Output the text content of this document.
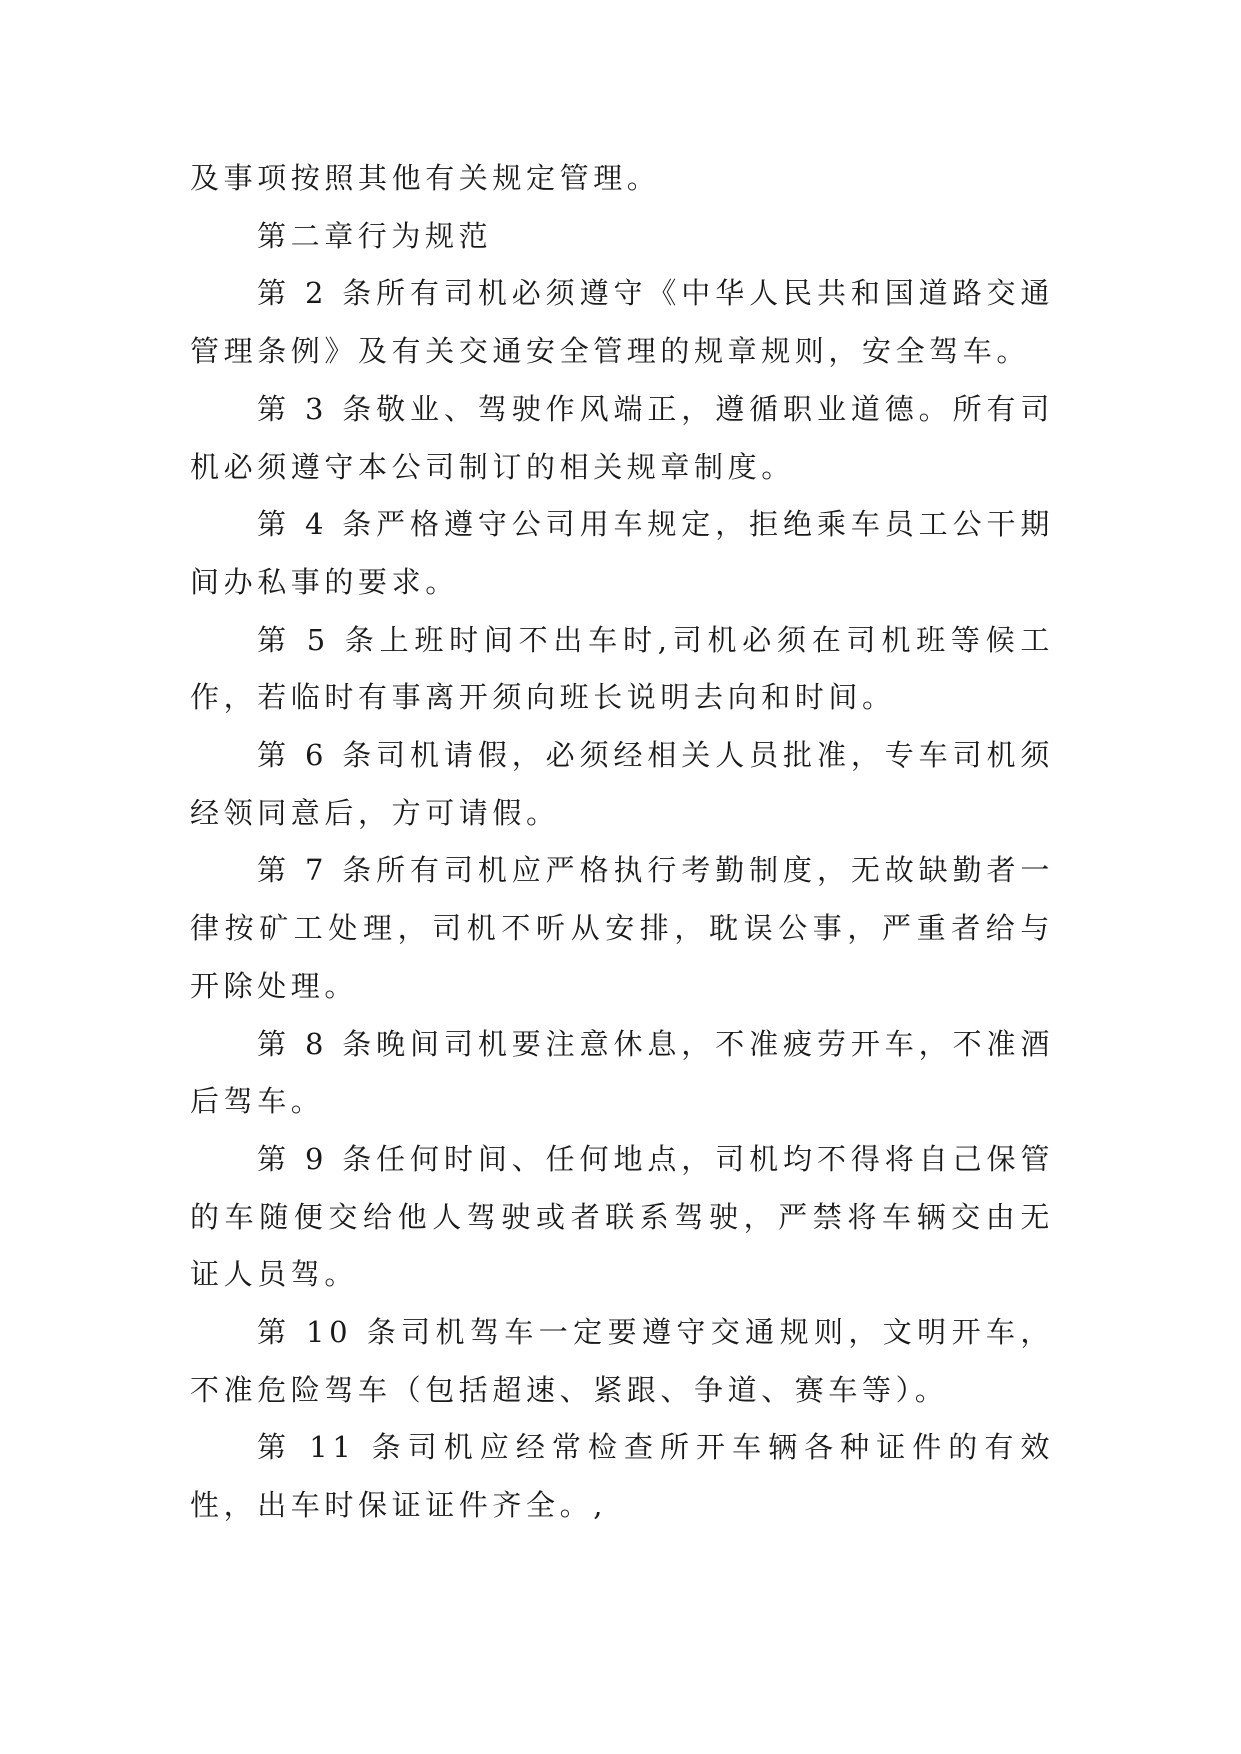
及事项按照其他有关规定管理。

第二章行为规范

第 2 条所有司机必须遵守《中华人民共和国道路交通管理条例》及有关交通安全管理的规章规则，安全驾车。

第 3 条敬业、驾驶作风端正，遵循职业道德。所有司机必须遵守本公司制订的相关规章制度。

第 4 条严格遵守公司用车规定，拒绝乘车员工公干期间办私事的要求。

第 5 条上班时间不出车时,司机必须在司机班等候工作，若临时有事离开须向班长说明去向和时间。

第 6 条司机请假，必须经相关人员批准，专车司机须经领同意后，方可请假。

第 7 条所有司机应严格执行考勤制度，无故缺勤者一律按矿工处理，司机不听从安排，耽误公事，严重者给与开除处理。

第 8 条晚间司机要注意休息，不准疲劳开车，不准酒后驾车。

第 9 条任何时间、任何地点，司机均不得将自己保管的车随便交给他人驾驶或者联系驾驶，严禁将车辆交由无证人员驾。

第 10 条司机驾车一定要遵守交通规则，文明开车，不准危险驾车（包括超速、紧跟、争道、赛车等）。

第 11 条司机应经常检查所开车辆各种证件的有效性，出车时保证证件齐全。,
